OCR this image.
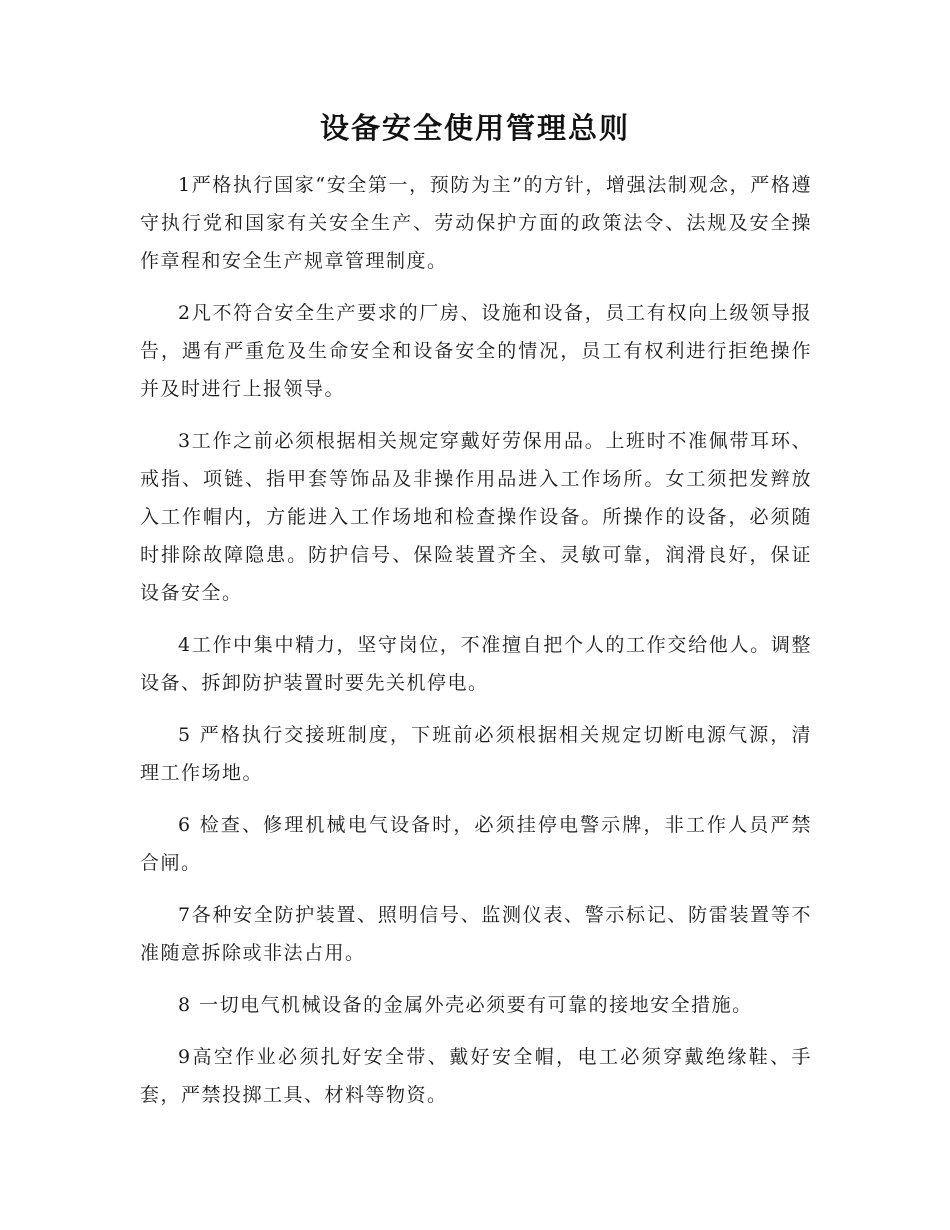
设备安全使用管理总则

1严格执行国家“安全第一，预防为主”的方针，增强法制观念，严格遵守执行党和国家有关安全生产、劳动保护方面的政策法令、法规及安全操作章程和安全生产规章管理制度。

2凡不符合安全生产要求的厂房、设施和设备，员工有权向上级领导报告，遇有严重危及生命安全和设备安全的情况，员工有权利进行拒绝操作并及时进行上报领导。

3工作之前必须根据相关规定穿戴好劳保用品。上班时不准佩带耳环、戒指、项链、指甲套等饰品及非操作用品进入工作场所。女工须把发辫放入工作帽内，方能进入工作场地和检查操作设备。所操作的设备，必须随时排除故障隐患。防护信号、保险装置齐全、灵敏可靠，润滑良好，保证设备安全。

4工作中集中精力，坚守岗位，不准擅自把个人的工作交给他人。调整设备、拆卸防护装置时要先关机停电。

5 严格执行交接班制度，下班前必须根据相关规定切断电源气源，清理工作场地。

6 检查、修理机械电气设备时，必须挂停电警示牌，非工作人员严禁合闸。

7各种安全防护装置、照明信号、监测仪表、警示标记、防雷装置等不准随意拆除或非法占用。

8 一切电气机械设备的金属外壳必须要有可靠的接地安全措施。

9高空作业必须扎好安全带、戴好安全帽，电工必须穿戴绝缘鞋、手套，严禁投掷工具、材料等物资。
